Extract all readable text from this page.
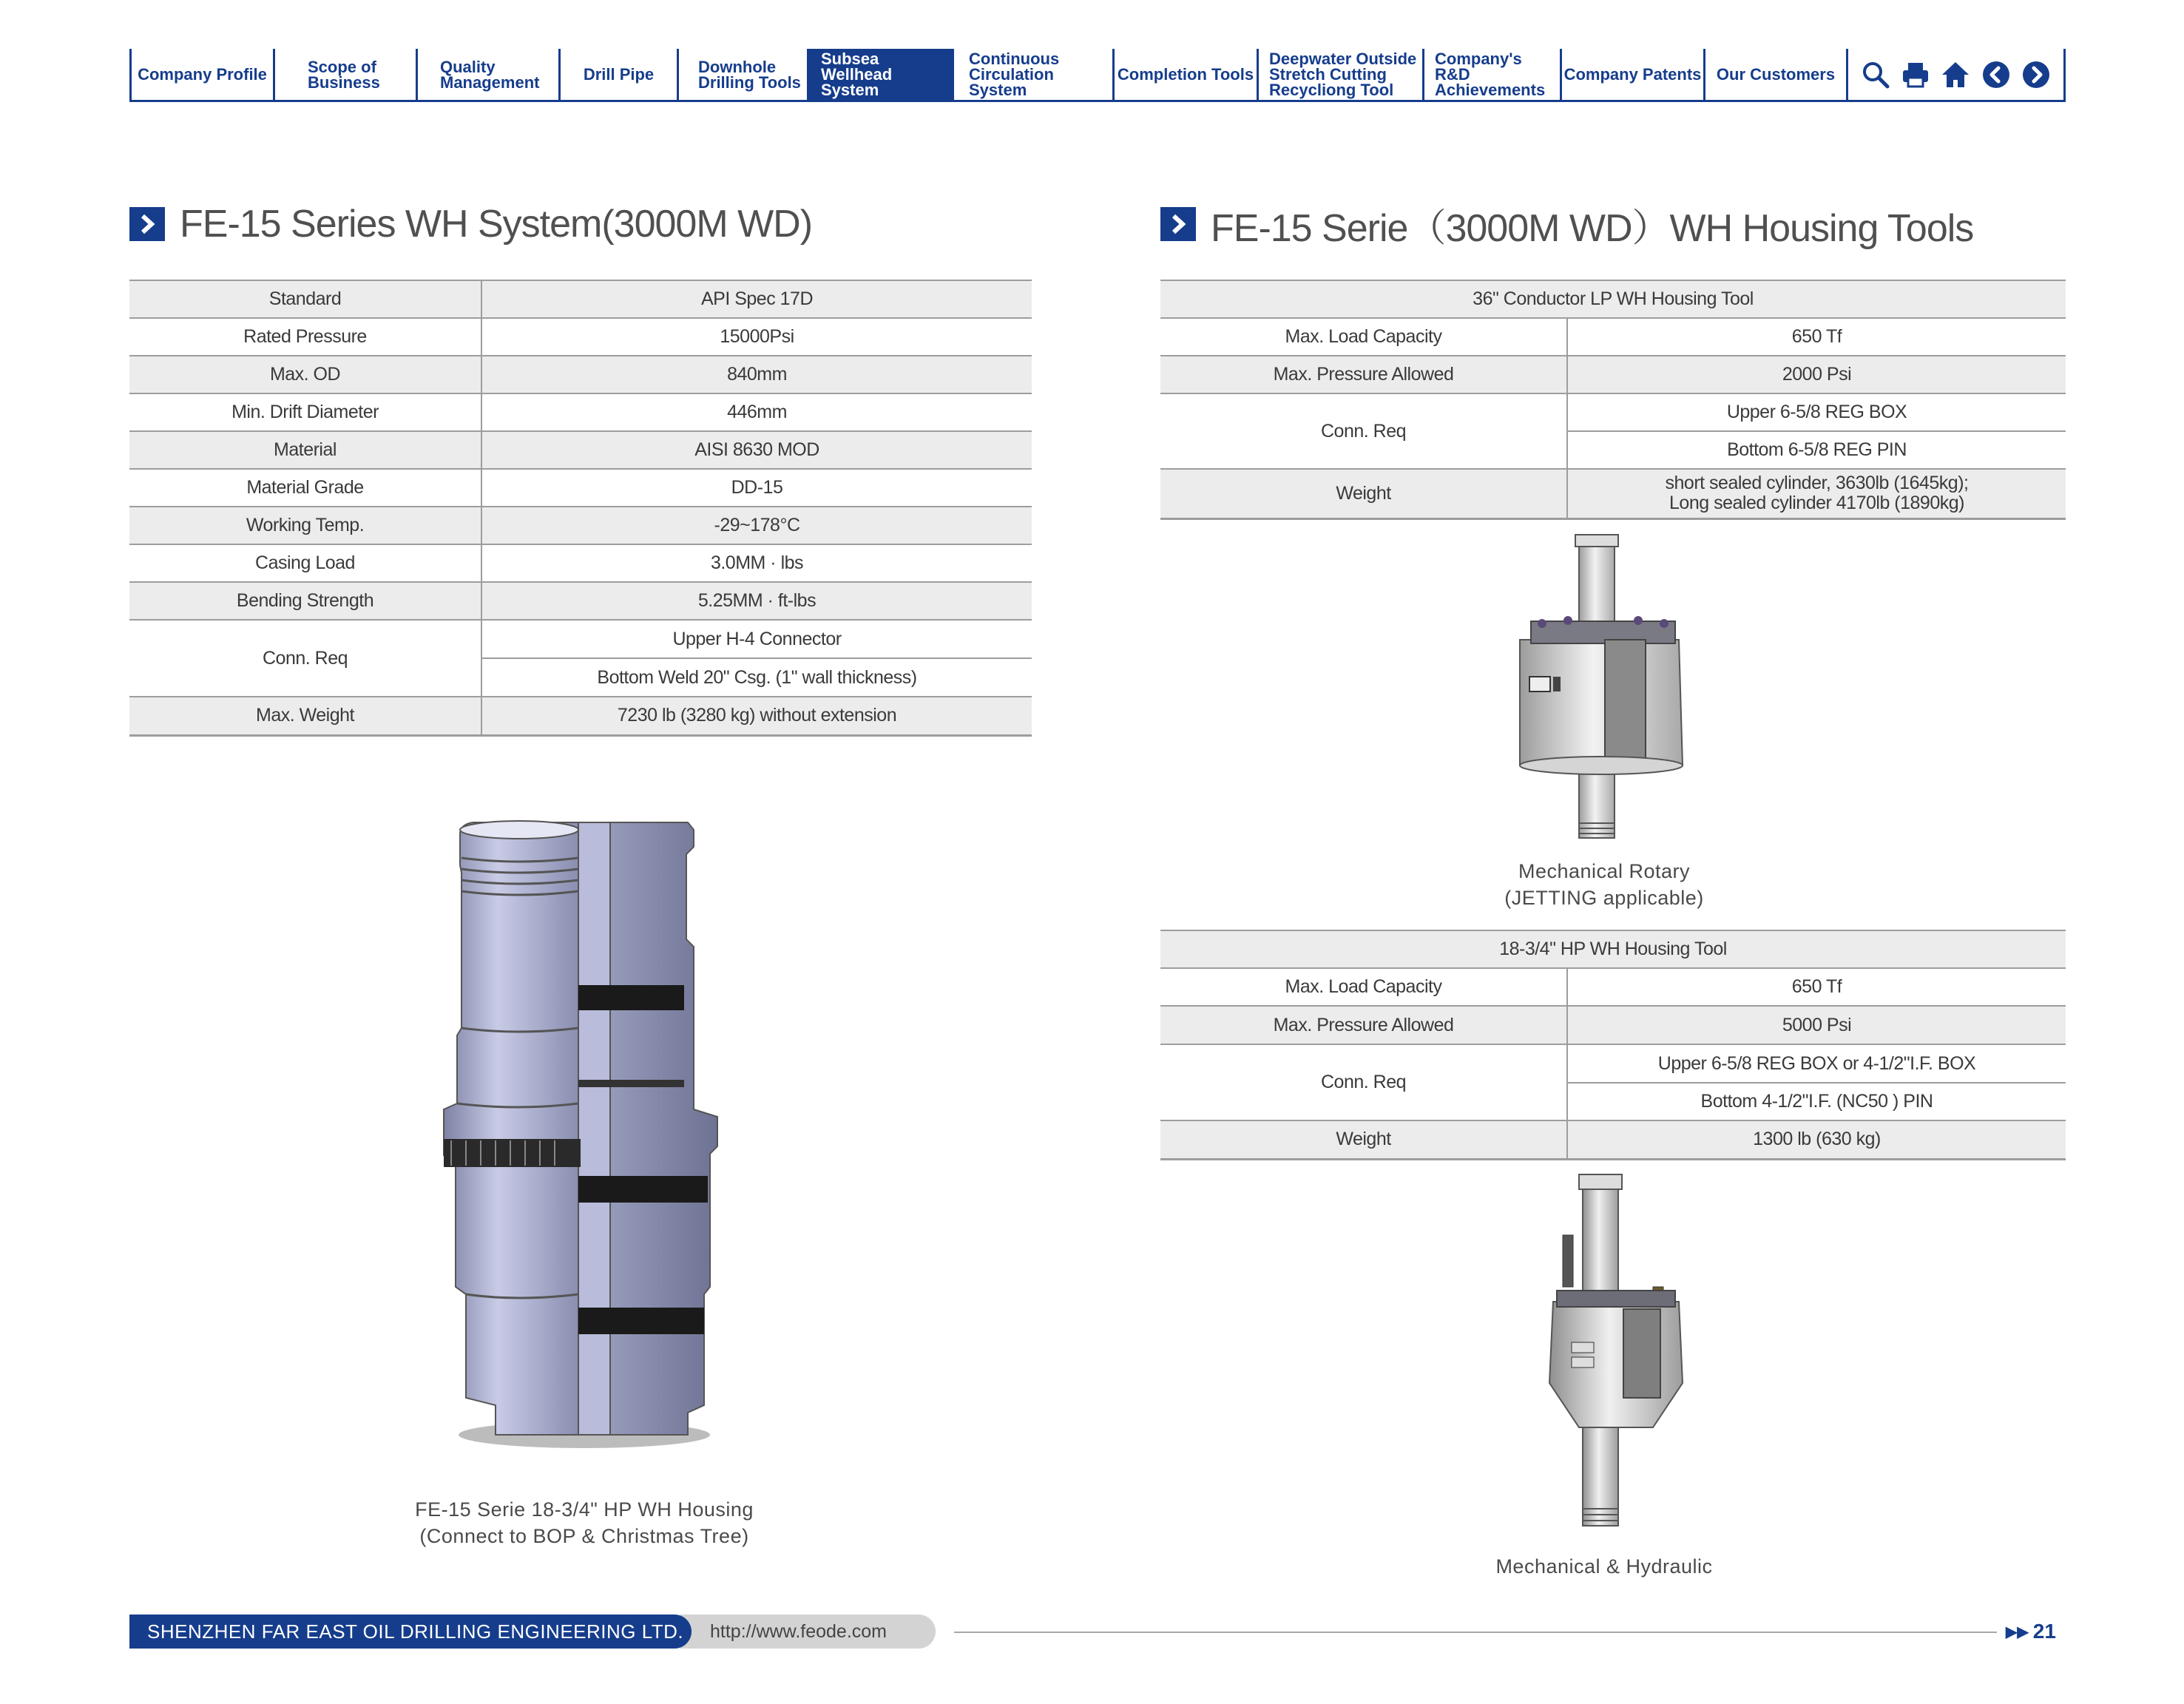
Company Profile	Scope of
Business
Quality
Management	Drill Pipe	Downhole
Drilling Tools
Subsea Wellhead
System
Continuous
Circulation System
Completion Tools
Deepwater Outside
Stretch Cutting
Recycliong Tool
Company's R&D
Achievements
Company Patents Our Customers
FE-15 Series WH System(3000M WD)
Standard	API Spec 17D
Rated Pressure	15000Psi
Max. OD	840mm
Min. Drift Diameter	446mm
Material	AISI 8630 MOD
Material Grade	DD-15
Working Temp.	-29~178°C
Casing Load	3.0MM · lbs
Bending Strength	5.25MM · ft-lbs
Conn. Req	Upper H-4 Connector
	Bottom Weld 20" Csg. (1" wall thickness)
Max. Weight	7230 lb (3280 kg) without extension
FE-15 Serie 18-3/4" HP WH Housing
(Connect to BOP & Christmas Tree)
FE-15 Serie（3000M WD）WH Housing Tools
36" Conductor LP WH Housing Tool	
Max. Load Capacity	650 Tf
Max. Pressure Allowed	2000 Psi
Conn. Req	Upper 6-5/8 REG BOX
	Bottom 6-5/8 REG PIN
Weight	short sealed cylinder, 3630lb (1645kg);
Long sealed cylinder 4170lb (1890kg)
Mechanical Rotary
(JETTING applicable)
18-3/4" HP WH Housing Tool	
Max. Load Capacity	650 Tf
Max. Pressure Allowed	5000 Psi
Conn. Req	Upper 6-5/8 REG BOX or 4-1/2"I.F. BOX
	Bottom 4-1/2"I.F. (NC50 ) PIN
Weight	1300 lb (630 kg)
Mechanical & Hydraulic
http://www.feode.com
SHENZHEN FAR EAST OIL DRILLING ENGINEERING LTD.	▶▶ 21
